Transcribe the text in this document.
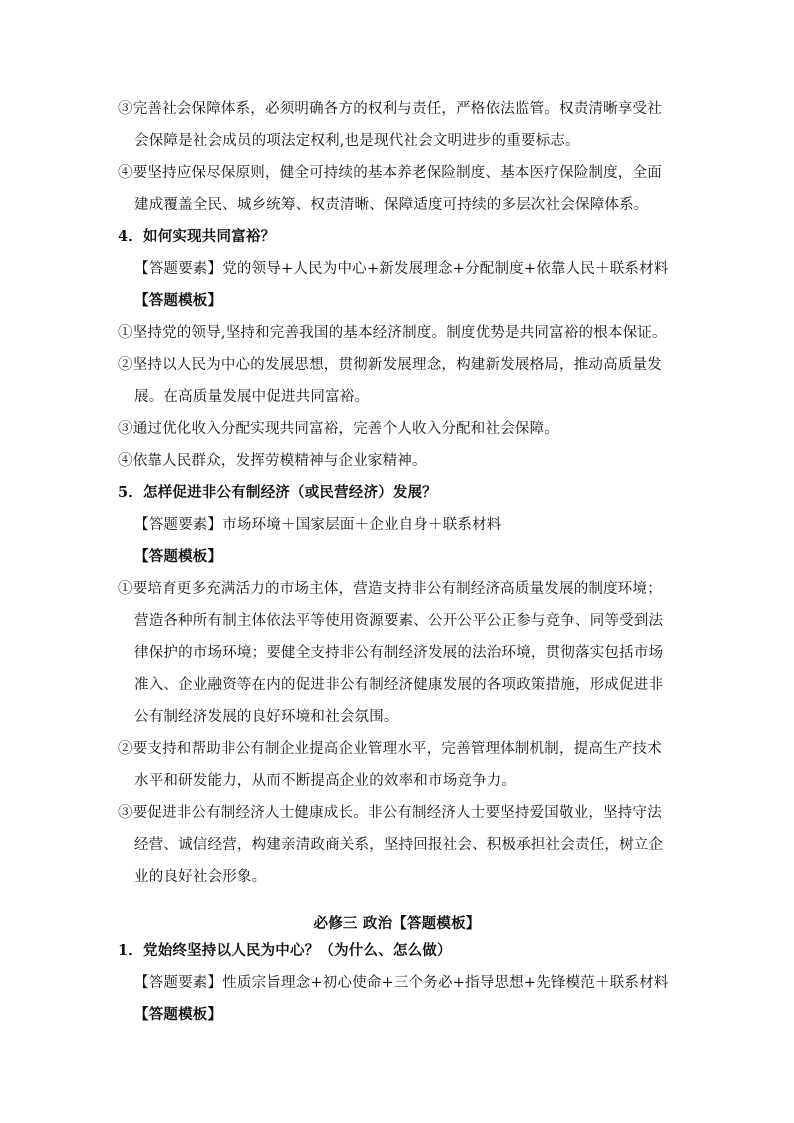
③完善社会保障体系，必须明确各方的权利与责任，严格依法监管。权责清晰享受社
会保障是社会成员的项法定权利,也是现代社会文明进步的重要标志。
④要坚持应保尽保原则，健全可持续的基本养老保险制度、基本医疗保险制度，全面
建成覆盖全民、城乡统筹、权责清晰、保障适度可持续的多层次社会保障体系。
4．如何实现共同富裕？
【答题要素】党的领导+人民为中心+新发展理念+分配制度+依靠人民＋联系材料
【答题模板】
①坚持党的领导,坚持和完善我国的基本经济制度。制度优势是共同富裕的根本保证。
②坚持以人民为中心的发展思想，贯彻新发展理念，构建新发展格局，推动高质量发
展。在高质量发展中促进共同富裕。
③通过优化收入分配实现共同富裕，完善个人收入分配和社会保障。
④依靠人民群众，发挥劳模精神与企业家精神。
5．怎样促进非公有制经济（或民营经济）发展？
【答题要素】市场环境＋国家层面＋企业自身＋联系材料
【答题模板】
①要培育更多充满活力的市场主体，营造支持非公有制经济高质量发展的制度环境；
营造各种所有制主体依法平等使用资源要素、公开公平公正参与竞争、同等受到法
律保护的市场环境；要健全支持非公有制经济发展的法治环境，贯彻落实包括市场
准入、企业融资等在内的促进非公有制经济健康发展的各项政策措施，形成促进非
公有制经济发展的良好环境和社会氛围。
②要支持和帮助非公有制企业提高企业管理水平，完善管理体制机制，提高生产技术
水平和研发能力，从而不断提高企业的效率和市场竞争力。
③要促进非公有制经济人士健康成长。非公有制经济人士要坚持爱国敬业，坚持守法
经营、诚信经营，构建亲清政商关系，坚持回报社会、积极承担社会责任，树立企
业的良好社会形象。
必修三 政治【答题模板】
1．党始终坚持以人民为中心？（为什么、怎么做）
【答题要素】性质宗旨理念+初心使命+三个务必+指导思想+先锋模范＋联系材料
【答题模板】
